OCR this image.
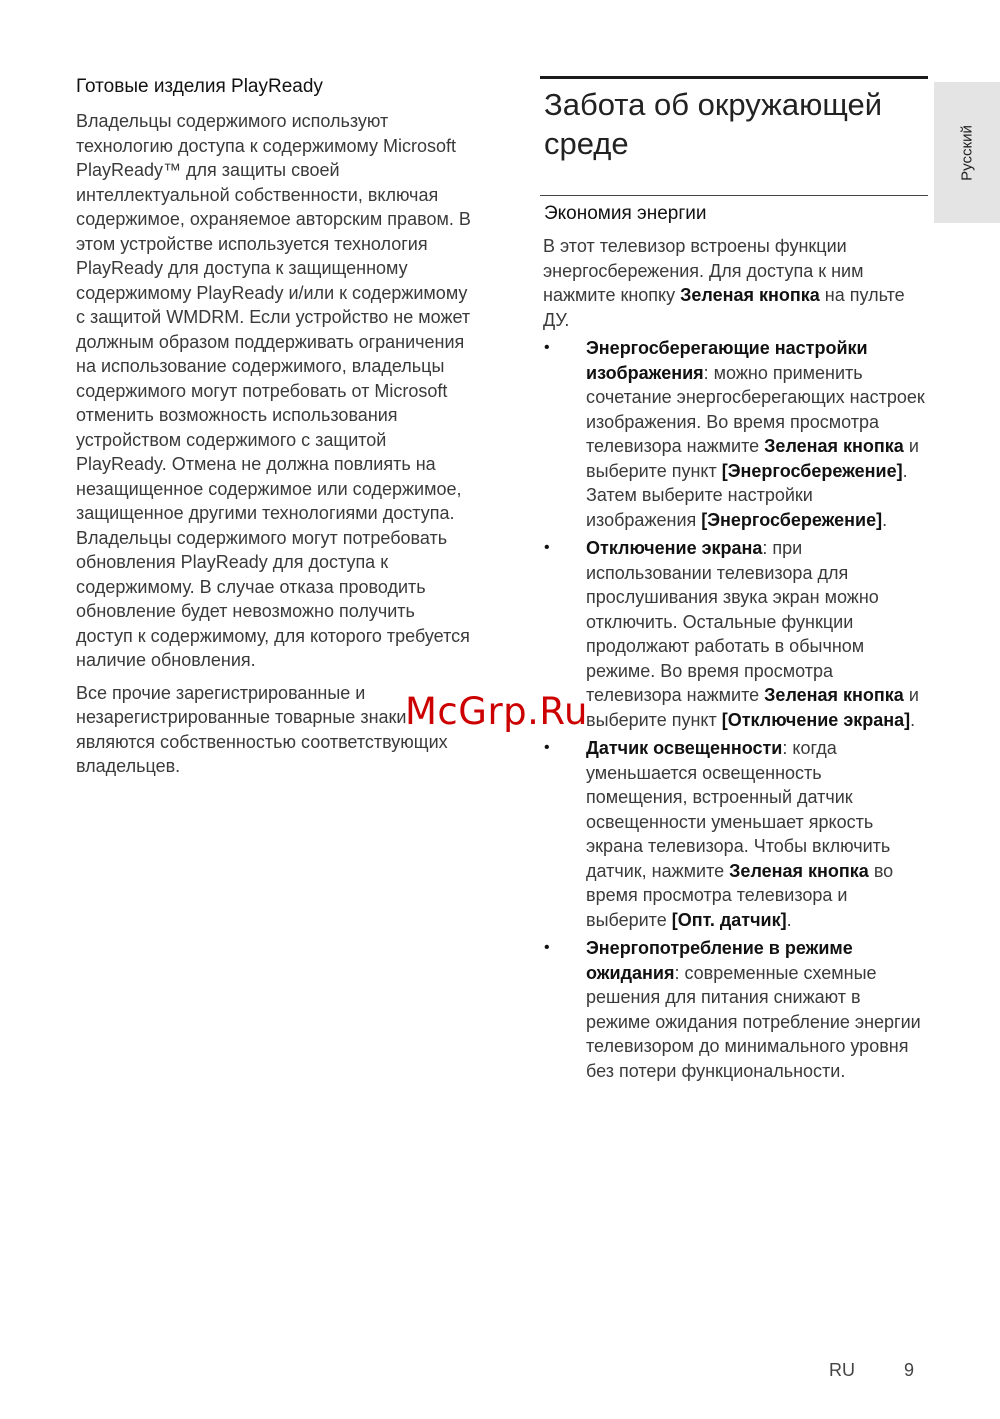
Готовые изделия PlayReady

Владельцы содержимого используют технологию доступа к содержимому Microsoft PlayReady™ для защиты своей интеллектуальной собственности, включая содержимое, охраняемое авторским правом. В этом устройстве используется технология PlayReady для доступа к защищенному содержимому PlayReady и/или к содержимому с защитой WMDRM. Если устройство не может должным образом поддерживать ограничения на использование содержимого, владельцы содержимого могут потребовать от Microsoft отменить возможность использования устройством содержимого с защитой PlayReady. Отмена не должна повлиять на незащищенное содержимое или содержимое, защищенное другими технологиями доступа. Владельцы содержимого могут потребовать обновления PlayReady для доступа к содержимому. В случае отказа проводить обновление будет невозможно получить доступ к содержимому, для которого требуется наличие обновления.

Все прочие зарегистрированные и незарегистрированные товарные знаки являются собственностью соответствующих владельцев.

Забота об окружающей среде
Экономия энергии

В этот телевизор встроены функции энергосбережения. Для доступа к ним нажмите кнопку Зеленая кнопка на пульте ДУ.

• Энергосберегающие настройки изображения: можно применить сочетание энергосберегающих настроек изображения. Во время просмотра телевизора нажмите Зеленая кнопка и выберите пункт [Энергосбережение]. Затем выберите настройки изображения [Энергосбережение].
• Отключение экрана: при использовании телевизора для прослушивания звука экран можно отключить. Остальные функции продолжают работать в обычном режиме. Во время просмотра телевизора нажмите Зеленая кнопка и выберите пункт [Отключение экрана].
• Датчик освещенности: когда уменьшается освещенность помещения, встроенный датчик освещенности уменьшает яркость экрана телевизора. Чтобы включить датчик, нажмите Зеленая кнопка во время просмотра телевизора и выберите [Опт. датчик].
• Энергопотребление в режиме ожидания: современные схемные решения для питания снижают в режиме ожидания потребление энергии телевизором до минимального уровня без потери функциональности.
Русский
McGrp.Ru
RU	9
